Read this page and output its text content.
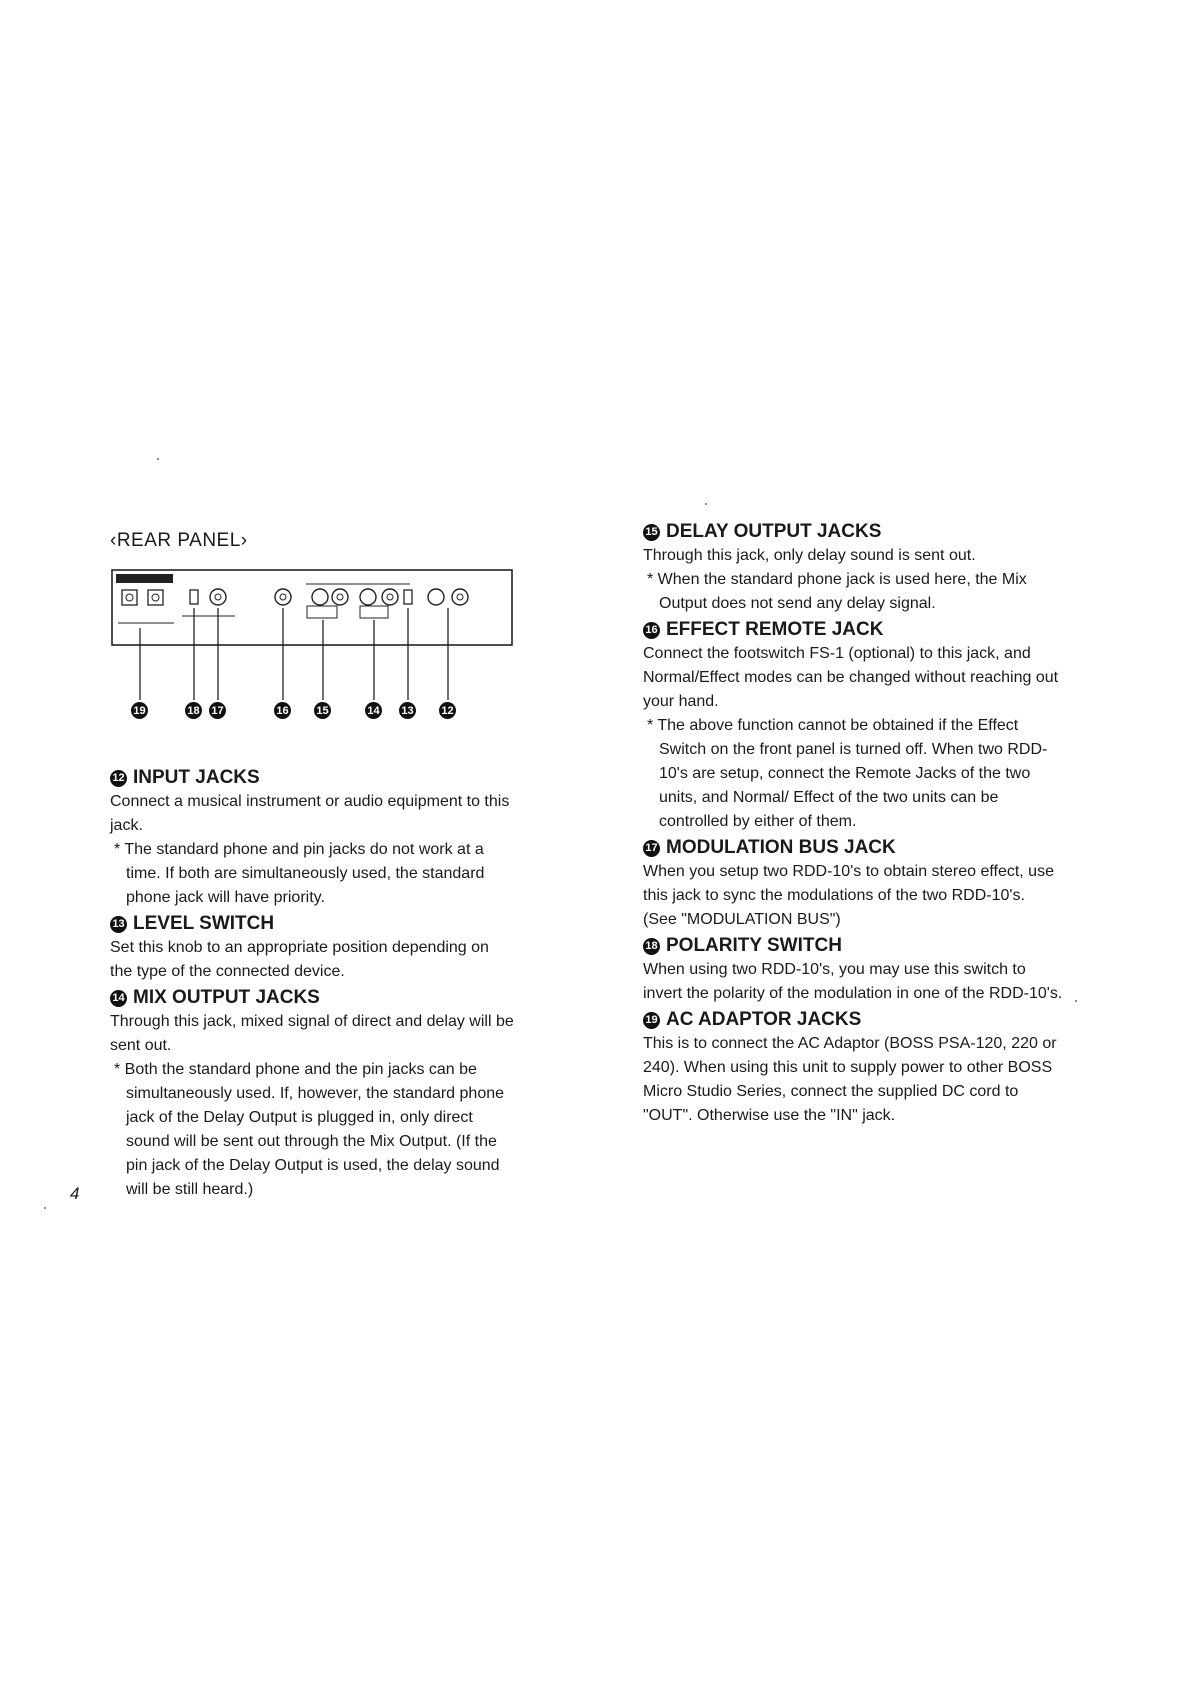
‹REAR PANEL›
19	18 17	16	15	14 13	12
12 INPUT JACKS

Connect a musical instrument or audio equipment to this jack.

* The standard phone and pin jacks do not work at a time. If both are simultaneously used, the standard phone jack will have priority.

13 LEVEL SWITCH

Set this knob to an appropriate position depending on the type of the connected device.

14 MIX OUTPUT JACKS

Through this jack, mixed signal of direct and delay will be sent out.

* Both the standard phone and the pin jacks can be simultaneously used. If, however, the standard phone jack of the Delay Output is plugged in, only direct sound will be sent out through the Mix Output. (If the pin jack of the Delay Output is used, the delay sound will be still heard.)

15 DELAY OUTPUT JACKS

Through this jack, only delay sound is sent out.

* When the standard phone jack is used here, the Mix Output does not send any delay signal.

16 EFFECT REMOTE JACK

Connect the footswitch FS-1 (optional) to this jack, and Normal/Effect modes can be changed without reaching out your hand.

* The above function cannot be obtained if the Effect Switch on the front panel is turned off. When two RDD-10's are setup, connect the Remote Jacks of the two units, and Normal/ Effect of the two units can be controlled by either of them.

17 MODULATION BUS JACK

When you setup two RDD-10's to obtain stereo effect, use this jack to sync the modulations of the two RDD-10's. (See "MODULATION BUS")

18 POLARITY SWITCH

When using two RDD-10's, you may use this switch to invert the polarity of the modulation in one of the RDD-10's.

19 AC ADAPTOR JACKS

This is to connect the AC Adaptor (BOSS PSA-120, 220 or 240). When using this unit to supply power to other BOSS Micro Studio Series, connect the supplied DC cord to "OUT". Otherwise use the "IN" jack.

4
